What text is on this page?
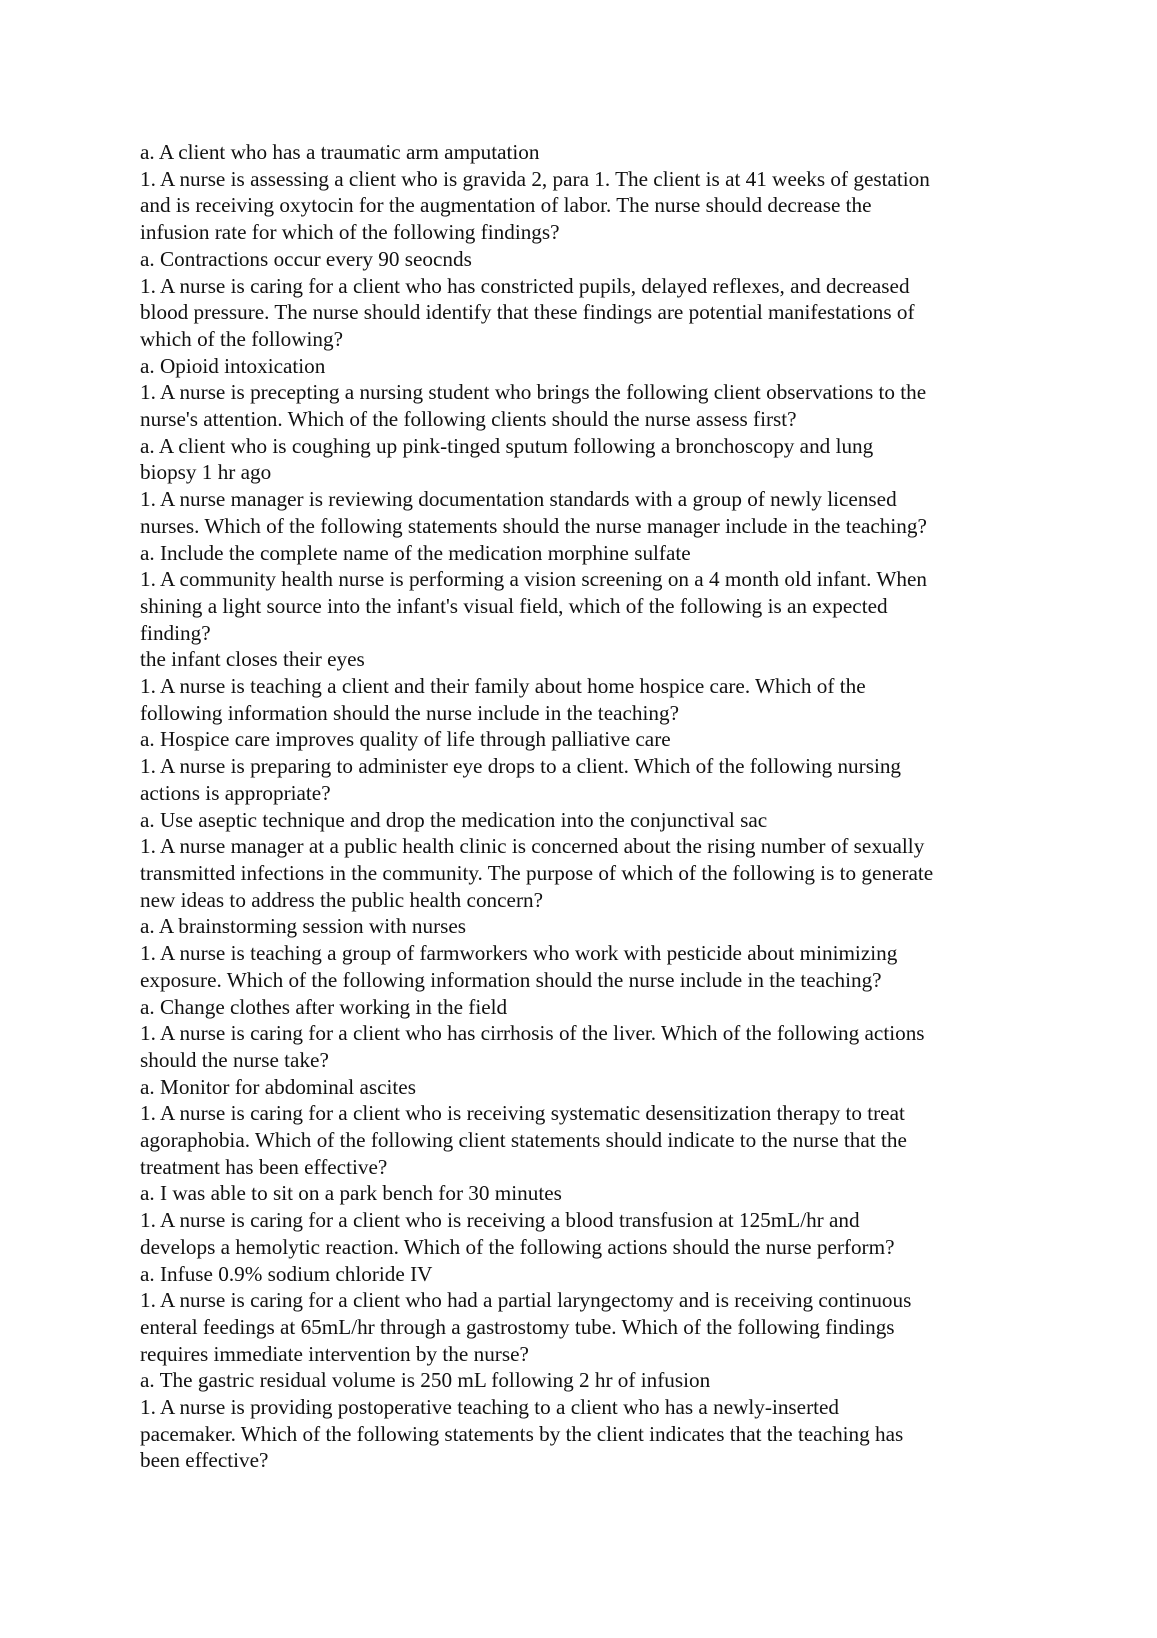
a. A client who has a traumatic arm amputation
1. A nurse is assessing a client who is gravida 2, para 1. The client is at 41 weeks of gestation
and is receiving oxytocin for the augmentation of labor. The nurse should decrease the
infusion rate for which of the following findings?
a. Contractions occur every 90 seocnds
1. A nurse is caring for a client who has constricted pupils, delayed reflexes, and decreased
blood pressure. The nurse should identify that these findings are potential manifestations of
which of the following?
a. Opioid intoxication
1. A nurse is precepting a nursing student who brings the following client observations to the
nurse's attention. Which of the following clients should the nurse assess first?
a. A client who is coughing up pink-tinged sputum following a bronchoscopy and lung
biopsy 1 hr ago
1. A nurse manager is reviewing documentation standards with a group of newly licensed
nurses. Which of the following statements should the nurse manager include in the teaching?
a. Include the complete name of the medication morphine sulfate
1. A community health nurse is performing a vision screening on a 4 month old infant. When
shining a light source into the infant's visual field, which of the following is an expected
finding?
the infant closes their eyes
1. A nurse is teaching a client and their family about home hospice care. Which of the
following information should the nurse include in the teaching?
a. Hospice care improves quality of life through palliative care
1. A nurse is preparing to administer eye drops to a client. Which of the following nursing
actions is appropriate?
a. Use aseptic technique and drop the medication into the conjunctival sac
1. A nurse manager at a public health clinic is concerned about the rising number of sexually
transmitted infections in the community. The purpose of which of the following is to generate
new ideas to address the public health concern?
a. A brainstorming session with nurses
1. A nurse is teaching a group of farmworkers who work with pesticide about minimizing
exposure. Which of the following information should the nurse include in the teaching?
a. Change clothes after working in the field
1. A nurse is caring for a client who has cirrhosis of the liver. Which of the following actions
should the nurse take?
a. Monitor for abdominal ascites
1. A nurse is caring for a client who is receiving systematic desensitization therapy to treat
agoraphobia. Which of the following client statements should indicate to the nurse that the
treatment has been effective?
a. I was able to sit on a park bench for 30 minutes
1. A nurse is caring for a client who is receiving a blood transfusion at 125mL/hr and
develops a hemolytic reaction. Which of the following actions should the nurse perform?
a. Infuse 0.9% sodium chloride IV
1. A nurse is caring for a client who had a partial laryngectomy and is receiving continuous
enteral feedings at 65mL/hr through a gastrostomy tube. Which of the following findings
requires immediate intervention by the nurse?
a. The gastric residual volume is 250 mL following 2 hr of infusion
1. A nurse is providing postoperative teaching to a client who has a newly-inserted
pacemaker. Which of the following statements by the client indicates that the teaching has
been effective?
